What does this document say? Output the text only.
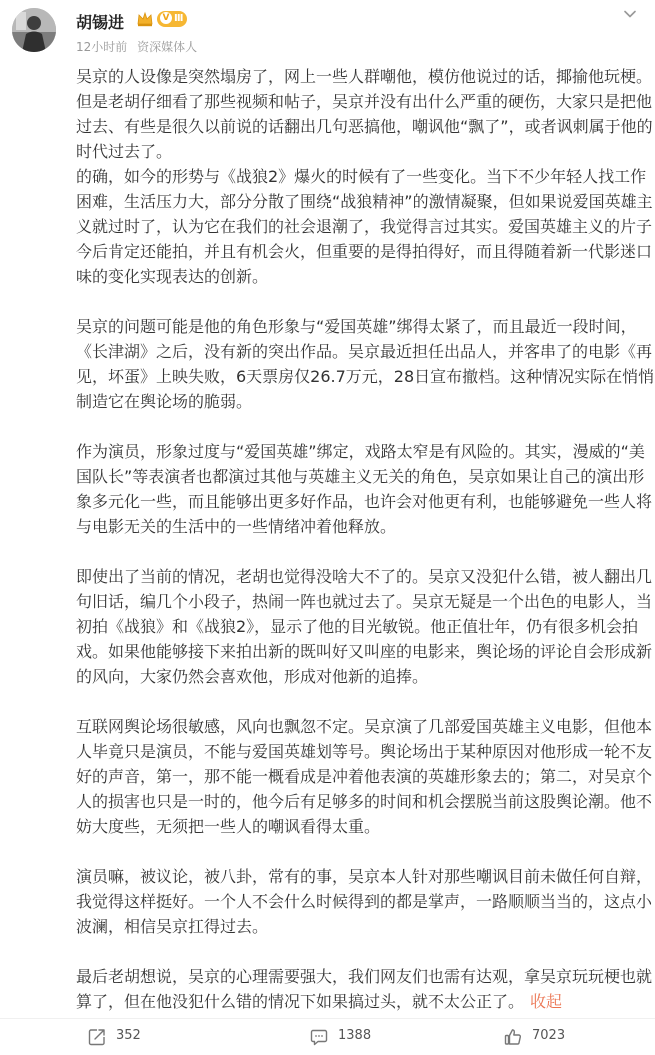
胡锡进	V Ⅲ
12小时前 资深媒体人
吴京的人设像是突然塌房了，网上一些人群嘲他，模仿他说过的话，揶揄他玩梗。
但是老胡仔细看了那些视频和帖子，吴京并没有出什么严重的硬伤，大家只是把他
过去、有些是很久以前说的话翻出几句恶搞他，嘲讽他“飘了”，或者讽刺属于他的
时代过去了。
的确，如今的形势与《战狼2》爆火的时候有了一些变化。当下不少年轻人找工作
困难，生活压力大，部分分散了围绕“战狼精神”的激情凝聚，但如果说爱国英雄主
义就过时了，认为它在我们的社会退潮了，我觉得言过其实。爱国英雄主义的片子
今后肯定还能拍，并且有机会火，但重要的是得拍得好，而且得随着新一代影迷口
味的变化实现表达的创新。
吴京的问题可能是他的角色形象与“爱国英雄”绑得太紧了，而且最近一段时间，
《长津湖》之后，没有新的突出作品。吴京最近担任出品人，并客串了的电影《再
见，坏蛋》上映失败，6天票房仅26.7万元，28日宣布撤档。这种情况实际在悄悄
制造它在舆论场的脆弱。
作为演员，形象过度与“爱国英雄”绑定，戏路太窄是有风险的。其实，漫威的“美
国队长”等表演者也都演过其他与英雄主义无关的角色，吴京如果让自己的演出形
象多元化一些，而且能够出更多好作品，也许会对他更有利，也能够避免一些人将
与电影无关的生活中的一些情绪冲着他释放。
即使出了当前的情况，老胡也觉得没啥大不了的。吴京又没犯什么错，被人翻出几
句旧话，编几个小段子，热闹一阵也就过去了。吴京无疑是一个出色的电影人，当
初拍《战狼》和《战狼2》，显示了他的目光敏锐。他正值壮年，仍有很多机会拍
戏。如果他能够接下来拍出新的既叫好又叫座的电影来，舆论场的评论自会形成新
的风向，大家仍然会喜欢他，形成对他新的追捧。
互联网舆论场很敏感，风向也飘忽不定。吴京演了几部爱国英雄主义电影，但他本
人毕竟只是演员，不能与爱国英雄划等号。舆论场出于某种原因对他形成一轮不友
好的声音，第一，那不能一概看成是冲着他表演的英雄形象去的；第二，对吴京个
人的损害也只是一时的，他今后有足够多的时间和机会摆脱当前这股舆论潮。他不
妨大度些，无须把一些人的嘲讽看得太重。
演员嘛，被议论，被八卦，常有的事，吴京本人针对那些嘲讽目前未做任何自辩，
我觉得这样挺好。一个人不会什么时候得到的都是掌声，一路顺顺当当的，这点小
波澜，相信吴京扛得过去。
最后老胡想说，吴京的心理需要强大，我们网友们也需有达观，拿吴京玩玩梗也就
算了，但在他没犯什么错的情况下如果搞过头，就不太公正了。 收起
352	1388	7023
